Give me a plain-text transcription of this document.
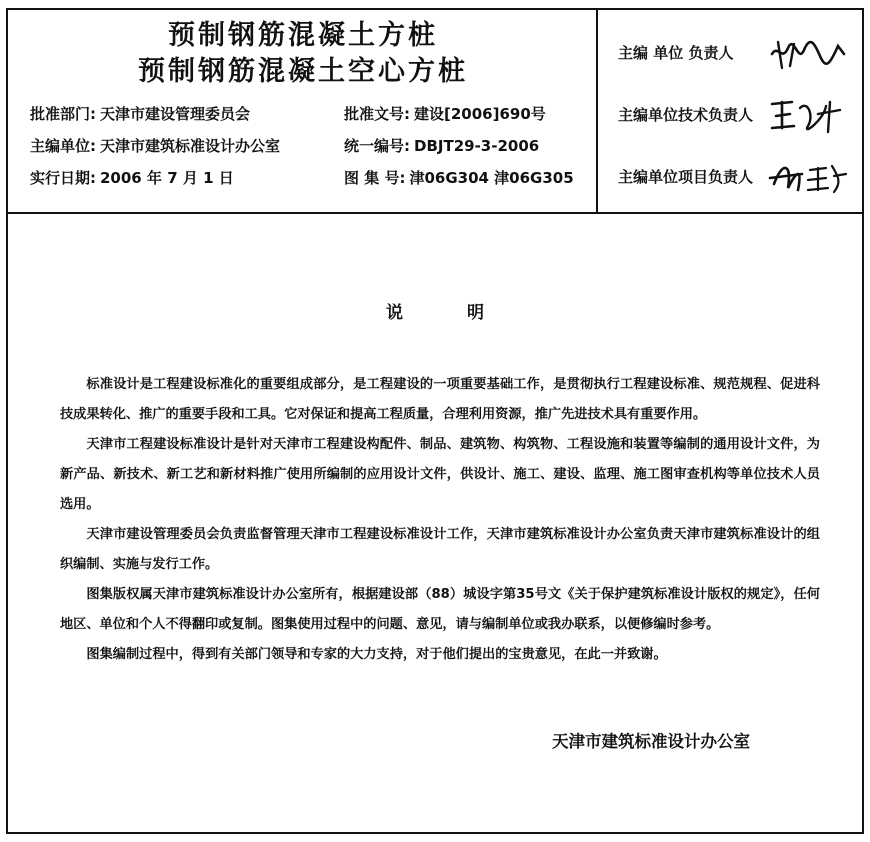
预制钢筋混凝土方桩
预制钢筋混凝土空心方桩
批准部门: 天津市建设管理委员会
主编单位: 天津市建筑标准设计办公室
实行日期: 2006 年 7 月 1 日
批准文号: 建设[2006]690号
统一编号: DBJT29-3-2006
图 集 号: 津06G304 津06G305
主编 单位 负责人
主编单位技术负责人
主编单位项目负责人
说	明

标准设计是工程建设标准化的重要组成部分，是工程建设的一项重要基础工作，是贯彻执行工程建设标准、规范规程、促进科技成果转化、推广的重要手段和工具。它对保证和提高工程质量，合理利用资源，推广先进技术具有重要作用。

天津市工程建设标准设计是针对天津市工程建设构配件、制品、建筑物、构筑物、工程设施和装置等编制的通用设计文件，为新产品、新技术、新工艺和新材料推广使用所编制的应用设计文件，供设计、施工、建设、监理、施工图审查机构等单位技术人员选用。

天津市建设管理委员会负责监督管理天津市工程建设标准设计工作，天津市建筑标准设计办公室负责天津市建筑标准设计的组织编制、实施与发行工作。

图集版权属天津市建筑标准设计办公室所有，根据建设部（88）城设字第35号文《关于保护建筑标准设计版权的规定》，任何地区、单位和个人不得翻印或复制。图集使用过程中的问题、意见，请与编制单位或我办联系，以便修编时参考。

图集编制过程中，得到有关部门领导和专家的大力支持，对于他们提出的宝贵意见，在此一并致谢。

天津市建筑标准设计办公室
